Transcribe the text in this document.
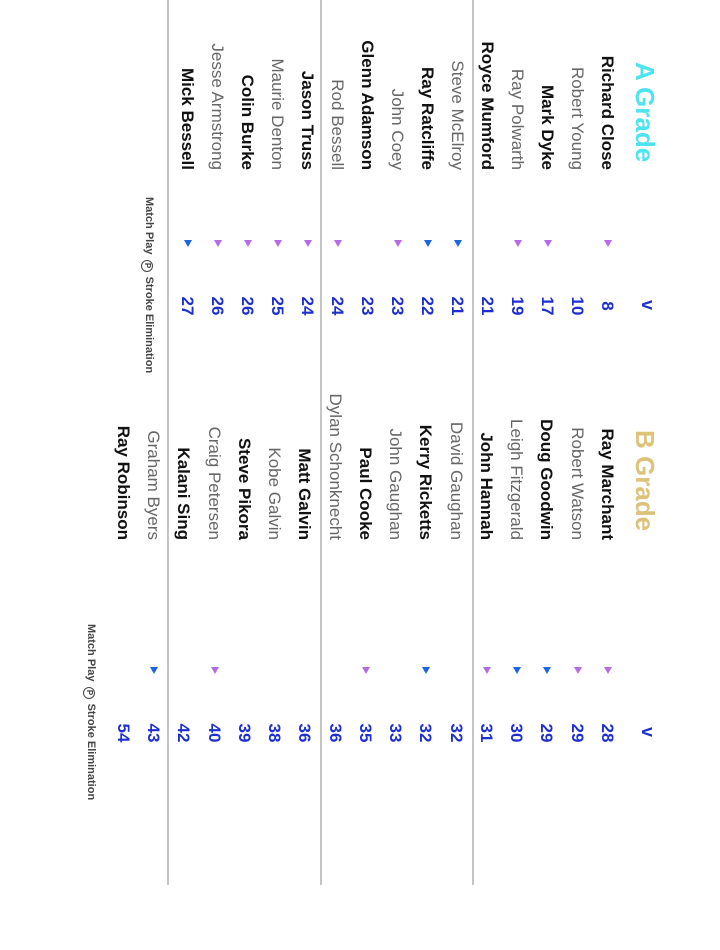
A Grade
v
Richard Close
8
Robert Young
10
Mark Dyke
17
Ray Polwarth
19
Royce Mumford
21
Steve McElroy
21
Ray Ratcliffe
22
John Coey
23
Glenn Adamson
23
Rod Bessell
24
Jason Truss
24
Maurie Denton
25
Colin Burke
26
Jesse Armstrong
26
Mick Bessell
27
Match Play P Stroke Elimination
B Grade
v
Ray Marchant
28
Robert Watson
29
Doug Goodwin
29
Leigh Fitzgerald
30
John Hannah
31
David Gaughan
32
Kerry Ricketts
32
John Gaughan
33
Paul Cooke
35
Dylan Schonknecht
36
Matt Galvin
36
Kobe Galvin
38
Steve Pikora
39
Craig Petersen
40
Kalani Sing
42
Graham Byers
43
Ray Robinson
54
Match Play P Stroke Elimination
